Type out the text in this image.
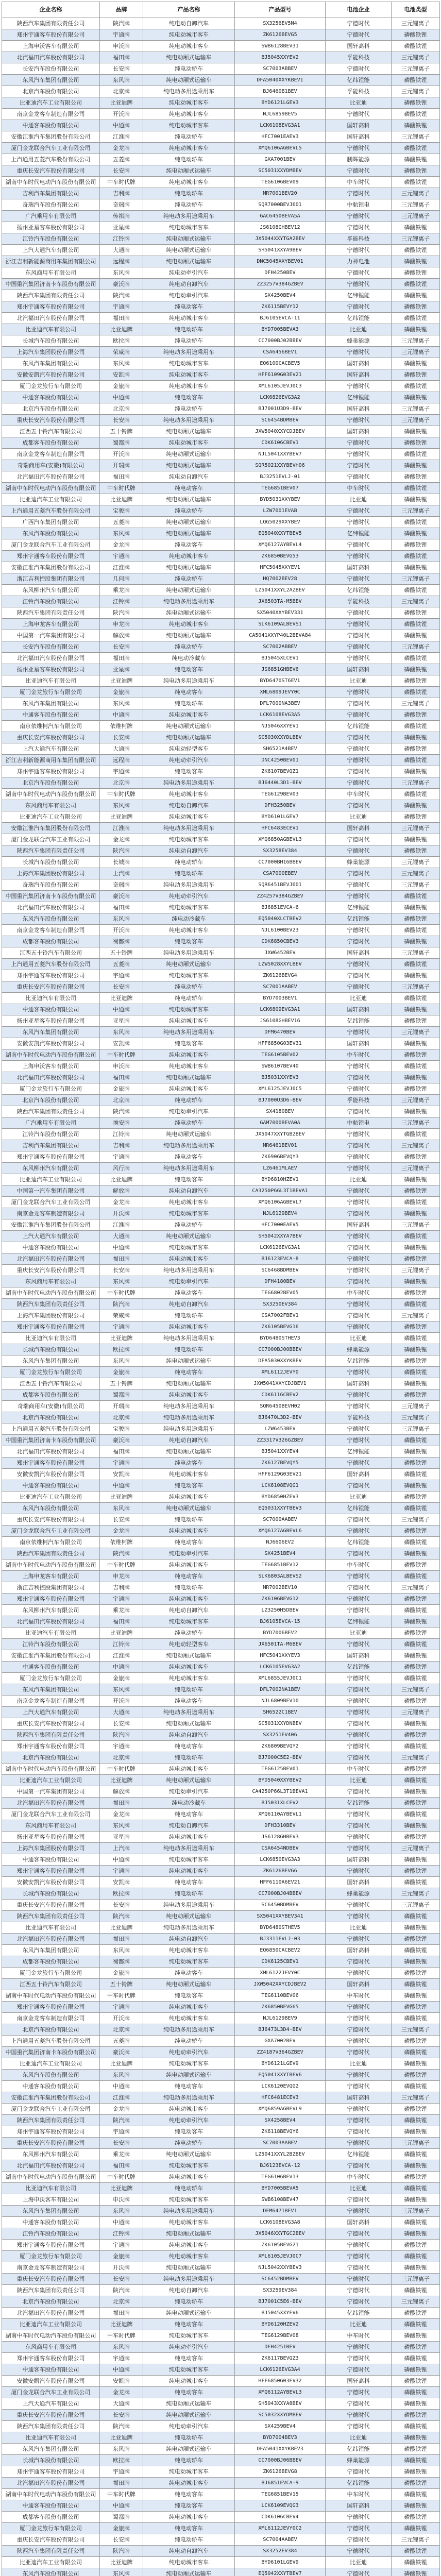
企业名称	品牌	产品名称	产品型号	电池企业	电池类型
陕西汽车集团有限责任公司	陕汽牌	纯电动自卸汽车	SX3256EV5N4	宁德时代	三元锂离子
郑州宇通客车股份有限公司	宇通牌	纯电动城市客车	ZK6126BEVG5	宁德时代	磷酸铁锂
上海申沃客车有限公司	申沃牌	纯电动城市客车	SWB6128BEV31	国轩高科	磷酸铁锂
北汽福田汽车股份有限公司	福田牌	纯电动厢式运输车	BJ5045XXYEV2	孚能科技	三元锂离子
长安汽车股份有限公司	长安牌	纯电动轿车	SC7003ABBEV	宁德时代	三元锂离子
东风汽车集团有限公司	东风牌	纯电动厢式运输车	DFA5040XXYKBEV1	亿纬锂能	磷酸铁锂
北京汽车股份有限公司	北京牌	纯电动多用途乘用车	BJ6460B1BEV	孚能科技	三元锂离子
比亚迪汽车工业有限公司	比亚迪牌	纯电动城市客车	BYD6121LGEV3	比亚迪	磷酸铁锂
南京金龙客车制造有限公司	开沃牌	纯电动城市客车	NJL6859BEV5	宁德时代	磷酸铁锂
中通客车股份有限公司	中通牌	纯电动城市客车	LCK6108EVG3A1	国轩高科	磷酸铁锂
安徽江淮汽车集团股份有限公司	江淮牌	纯电动轿车	HFC7001EAEV3	国轩高科	三元锂离子
厦门金龙联合汽车工业有限公司	金龙牌	纯电动城市客车	XMQ6106AGBEVL5	宁德时代	磷酸铁锂
上汽通用五菱汽车股份有限公司	五菱牌	纯电动轿车	GXA7001BEV	鹏辉能源	磷酸铁锂
重庆长安汽车股份有限公司	长安牌	纯电动厢式运输车	SC5031XXYDMBEV	宁德时代	磷酸铁锂
湖南中车时代电动汽车股份有限公司	中车时代牌	纯电动城市客车	TEG6106BEV09	中车时代	磷酸铁锂
吉利汽车集团有限公司	吉利牌	纯电动轿车	MR7001BEV20	宁德时代	三元锂离子
奇瑞汽车股份有限公司	奇瑞牌	纯电动轿车	SQR7000BEVJ601	中航锂电	三元锂离子
广汽乘用车有限公司	传祺牌	纯电动多用途乘用车	GAC6450BEVA5A	宁德时代	三元锂离子
扬州亚星客车股份有限公司	亚星牌	纯电动城市客车	JS6108GHBEV12	宁德时代	磷酸铁锂
江铃汽车股份有限公司	江铃牌	纯电动厢式运输车	JX5044XXYTGA2BEV	孚能科技	三元锂离子
上汽大通汽车有限公司	大通牌	纯电动厢式运输车	SH5041XXYA9BEV	宁德时代	磷酸铁锂
浙江吉利新能源商用车集团有限公司	远程牌	纯电动厢式运输车	DNC5045XXYBEV01	力神电池	磷酸铁锂
东风商用车有限公司	东风牌	纯电动牵引汽车	DFH4250BEV	宁德时代	磷酸铁锂
中国重汽集团济南卡车股份有限公司	豪沃牌	纯电动自卸汽车	ZZ3257V384GZBEV	宁德时代	磷酸铁锂
陕西汽车集团有限责任公司	陕汽牌	纯电动牵引汽车	SX4250BEV4	亿纬锂能	磷酸铁锂
郑州宇通客车股份有限公司	宇通牌	纯电动客车	ZK6115BEVY12	宁德时代	磷酸铁锂
北汽福田汽车股份有限公司	福田牌	纯电动城市客车	BJ6105EVCA-11	亿纬锂能	磷酸铁锂
比亚迪汽车有限公司	比亚迪牌	纯电动轿车	BYD7005BEVA3	比亚迪	磷酸铁锂
长城汽车股份有限公司	欧拉牌	纯电动轿车	CC7000BJ02BBEV	蜂巢能源	三元锂离子
上海汽车集团股份有限公司	荣威牌	纯电动多用途乘用车	CSA6456BEV1	宁德时代	三元锂离子
东风汽车集团有限公司	东风牌	纯电动城市客车	EQ6100CACBEV5	国轩高科	磷酸铁锂
安徽安凯汽车股份有限公司	安凯牌	纯电动城市客车	HFF6109G03EV21	国轩高科	磷酸铁锂
厦门金龙旅行车有限公司	金旅牌	纯电动城市客车	XML6105JEVJ0C3	宁德时代	磷酸铁锂
中通客车股份有限公司	中通牌	纯电动客车	LCK6826EVG3A2	亿纬锂能	磷酸铁锂
北京汽车股份有限公司	北京牌	纯电动轿车	BJ7001U3D9-BEV	国轩高科	三元锂离子
重庆长安汽车股份有限公司	长安牌	纯电动多用途乘用车	SC6454BDMBEV	宁德时代	三元锂离子
江西五十铃汽车有限公司	五十铃牌	纯电动厢式运输车	JXW5040XXYCDJBEV	国轩高科	磷酸铁锂
成都客车股份有限公司	蜀都牌	纯电动城市客车	CDK6106CBEV1	宁德时代	磷酸铁锂
南京金龙客车制造有限公司	开沃牌	纯电动厢式运输车	NJL5041XXYBEV7	宁德时代	磷酸铁锂
奇瑞商用车(安徽)有限公司	开瑞牌	纯电动厢式运输车	SQR5021XXYBEVH06	宁德时代	磷酸铁锂
北汽福田汽车股份有限公司	福田牌	纯电动自卸汽车	BJ3251EVLJ-01	宁德时代	磷酸铁锂
湖南中车时代电动汽车股份有限公司	中车时代牌	纯电动客车	TEG6851BEV07	中车时代	磷酸铁锂
比亚迪汽车工业有限公司	比亚迪牌	纯电动厢式运输车	BYD5031XXYBEV	比亚迪	磷酸铁锂
上汽通用五菱汽车股份有限公司	宝骏牌	纯电动轿车	LZW7001EVAB	宁德时代	三元锂离子
广西汽车集团有限公司	五菱牌	纯电动厢式运输车	LQG5029XXYBEV	宁德时代	磷酸铁锂
东风汽车股份有限公司	东风牌	纯电动厢式运输车	EQ5040XXYTBEV5	亿纬锂能	磷酸铁锂
厦门金龙联合汽车工业有限公司	金龙牌	纯电动客车	XMQ6127AYBEVL4	宁德时代	磷酸铁锂
郑州宇通客车股份有限公司	宇通牌	纯电动城市客车	ZK6850BEVG53	宁德时代	磷酸铁锂
安徽江淮汽车集团股份有限公司	江淮牌	纯电动厢式运输车	HFC5045XXYEV1	国轩高科	磷酸铁锂
浙江吉利控股集团有限公司	几何牌	纯电动轿车	HQ7002BEV28	宁德时代	三元锂离子
东风柳州汽车有限公司	乘龙牌	纯电动厢式运输车	LZ5041XXYL2AZBEV	亿纬锂能	磷酸铁锂
江铃汽车股份有限公司	江铃牌	纯电动多用途乘用车	JX6503TA-M5BEV	孚能科技	三元锂离子
陕西汽车集团有限责任公司	陕汽牌	纯电动厢式运输车	SX5040XXYBEV331	宁德时代	磷酸铁锂
上海申龙客车有限公司	申龙牌	纯电动城市客车	SLK6109ALBEVS1	宁德时代	磷酸铁锂
中国第一汽车集团有限公司	解放牌	纯电动厢式运输车	CA5041XXYP40L2BEVA84	宁德时代	磷酸铁锂
长安汽车股份有限公司	长安牌	纯电动轿车	SC7002ABBEV	宁德时代	三元锂离子
北汽福田汽车股份有限公司	福田牌	纯电动冷藏车	BJ5045XLCEV1	宁德时代	磷酸铁锂
扬州亚星客车股份有限公司	亚星牌	纯电动客车	JS6851GHBEV6	国轩高科	磷酸铁锂
比亚迪汽车有限公司	比亚迪牌	纯电动多用途乘用车	BYD6470ST6EV1	比亚迪	磷酸铁锂
厦门金龙旅行车有限公司	金旅牌	纯电动客车	XML6809JEVY0C	宁德时代	磷酸铁锂
东风汽车集团有限公司	东风牌	纯电动轿车	DFL7000NA3BEV	宁德时代	三元锂离子
中通客车股份有限公司	中通牌	纯电动城市客车	LCK6108EVG3A5	宁德时代	磷酸铁锂
南京依维柯汽车有限公司	依维柯牌	纯电动厢式运输车	NJ5046XXYEV1	亿纬锂能	磷酸铁锂
重庆长安汽车股份有限公司	长安牌	纯电动厢式运输车	SC5030XXYDLBEV	宁德时代	磷酸铁锂
上汽大通汽车有限公司	大通牌	纯电动轻型客车	SH6521A4BEV	宁德时代	磷酸铁锂
浙江吉利新能源商用车集团有限公司	远程牌	纯电动牵引汽车	DNC4250BEV01	宁德时代	磷酸铁锂
郑州宇通客车股份有限公司	宇通牌	纯电动客车	ZK6107BEVQZ1	宁德时代	磷酸铁锂
北京汽车股份有限公司	北京牌	纯电动多用途乘用车	BJ6440L3D1-BEV	宁德时代	三元锂离子
湖南中车时代电动汽车股份有限公司	中车时代牌	纯电动城市客车	TEG6129BEV03	中车时代	磷酸铁锂
东风商用车有限公司	东风牌	纯电动自卸汽车	DFH3250BEV	宁德时代	磷酸铁锂
比亚迪汽车工业有限公司	比亚迪牌	纯电动城市客车	BYD6101LGEV7	比亚迪	磷酸铁锂
安徽江淮汽车集团股份有限公司	江淮牌	纯电动多用途乘用车	HFC6483ECEV1	国轩高科	三元锂离子
厦门金龙联合汽车工业有限公司	金龙牌	纯电动城市客车	XMQ6850AGBEVL3	宁德时代	磷酸铁锂
陕西汽车集团有限责任公司	陕汽牌	纯电动自卸汽车	SX3258EV384	宁德时代	磷酸铁锂
长城汽车股份有限公司	长城牌	纯电动轿车	CC7000BH16BBEV	蜂巢能源	三元锂离子
上海汽车集团股份有限公司	上汽牌	纯电动轿车	CSA7000EBEV	宁德时代	三元锂离子
奇瑞汽车股份有限公司	奇瑞牌	纯电动多用途乘用车	SQR6451BEVJ001	宁德时代	三元锂离子
中国重汽集团济南卡车股份有限公司	豪沃牌	纯电动牵引汽车	ZZ4257V384GZBEV	宁德时代	磷酸铁锂
北汽福田汽车股份有限公司	福田牌	纯电动城市客车	BJ6851EVCA-6	亿纬锂能	磷酸铁锂
东风汽车股份有限公司	东风牌	纯电动冷藏车	EQ5040XLCTBEV2	亿纬锂能	磷酸铁锂
南京金龙客车制造有限公司	开沃牌	纯电动城市客车	NJL6100BEV23	宁德时代	磷酸铁锂
成都客车股份有限公司	蜀都牌	纯电动客车	CDK6850CBEV3	宁德时代	磷酸铁锂
江西五十铃汽车有限公司	五十铃牌	纯电动多用途乘用车	JXW6452BEV	国轩高科	三元锂离子
上汽通用五菱汽车股份有限公司	五菱牌	纯电动厢式运输车	LZW5028XXYLBEV	宁德时代	磷酸铁锂
郑州宇通客车股份有限公司	宇通牌	纯电动城市客车	ZK6126BEVG4	宁德时代	磷酸铁锂
重庆长安汽车股份有限公司	长安牌	纯电动轿车	SC7001AABEV	宁德时代	三元锂离子
比亚迪汽车有限公司	比亚迪牌	纯电动轿车	BYD7003BEV1	比亚迪	磷酸铁锂
中通客车股份有限公司	中通牌	纯电动城市客车	LCK6809EVG3A1	国轩高科	磷酸铁锂
扬州亚星客车股份有限公司	亚星牌	纯电动城市客车	JS6108GHBEV16	亿纬锂能	磷酸铁锂
东风汽车集团有限公司	东风牌	纯电动多用途乘用车	DFM6470BEV	宁德时代	三元锂离子
安徽安凯汽车股份有限公司	安凯牌	纯电动客车	HFF6850G03EV31	国轩高科	磷酸铁锂
湖南中车时代电动汽车股份有限公司	中车时代牌	纯电动城市客车	TEG6105BEV02	中车时代	磷酸铁锂
上海申沃客车有限公司	申沃牌	纯电动城市客车	SWB6107BEV40	宁德时代	磷酸铁锂
北汽福田汽车股份有限公司	福田牌	纯电动厢式运输车	BJ5031XXYEV3	宁德时代	磷酸铁锂
厦门金龙旅行车有限公司	金旅牌	纯电动城市客车	XML6125JEVJ0C5	宁德时代	磷酸铁锂
北京汽车股份有限公司	北京牌	纯电动轿车	BJ7000U3D6-BEV	孚能科技	三元锂离子
陕西汽车集团有限责任公司	陕汽牌	纯电动牵引汽车	SX4180BEV	宁德时代	磷酸铁锂
广汽乘用车有限公司	埃安牌	纯电动轿车	GAM7000BEVA0A	中航锂电	三元锂离子
江铃汽车股份有限公司	江铃牌	纯电动厢式运输车	JX5047XXYTGB2BEV	宁德时代	磷酸铁锂
吉利汽车集团有限公司	吉利牌	纯电动多用途乘用车	MR6461BEV01	宁德时代	三元锂离子
郑州宇通客车股份有限公司	宇通牌	纯电动客车	ZK6906BEVQY3	宁德时代	磷酸铁锂
东风柳州汽车有限公司	风行牌	纯电动多用途乘用车	LZ6461MLAEV	宁德时代	三元锂离子
比亚迪汽车工业有限公司	比亚迪牌	纯电动客车	BYD6810HZEV1	比亚迪	磷酸铁锂
中国第一汽车集团有限公司	解放牌	纯电动自卸汽车	CA3250P66L3T1BEVA1	宁德时代	磷酸铁锂
厦门金龙联合汽车工业有限公司	金龙牌	纯电动城市客车	XMQ6106AGBEVL7	宁德时代	磷酸铁锂
南京金龙客车制造有限公司	开沃牌	纯电动城市客车	NJL6129BEV4	宁德时代	磷酸铁锂
安徽江淮汽车集团股份有限公司	江淮牌	纯电动轿车	HFC7000EAEV5	国轩高科	三元锂离子
上汽大通汽车有限公司	大通牌	纯电动厢式运输车	SH5042XXYA7BEV	宁德时代	磷酸铁锂
中通客车股份有限公司	中通牌	纯电动城市客车	LCK6126EVG3A1	宁德时代	磷酸铁锂
北汽福田汽车股份有限公司	福田牌	纯电动城市客车	BJ6123EVCA-8	宁德时代	磷酸铁锂
重庆长安汽车股份有限公司	长安牌	纯电动多用途乘用车	SC6468BDMBEV	宁德时代	三元锂离子
东风商用车有限公司	东风牌	纯电动牵引汽车	DFH4180BEV	宁德时代	磷酸铁锂
湖南中车时代电动汽车股份有限公司	中车时代牌	纯电动客车	TEG6802BEV05	中车时代	磷酸铁锂
陕西汽车集团有限责任公司	陕汽牌	纯电动自卸汽车	SX3250EV384	宁德时代	磷酸铁锂
上海汽车集团股份有限公司	荣威牌	纯电动轿车	CSA7002FBEV1	宁德时代	三元锂离子
郑州宇通客车股份有限公司	宇通牌	纯电动城市客车	ZK6105BEVG16	宁德时代	磷酸铁锂
比亚迪汽车有限公司	比亚迪牌	纯电动多用途乘用车	BYD6480STHEV3	比亚迪	磷酸铁锂
长城汽车股份有限公司	欧拉牌	纯电动轿车	CC7000BJ00BBEV	蜂巢能源	磷酸铁锂
东风汽车集团有限公司	东风牌	纯电动厢式运输车	DFA5030XXYKBEV	亿纬锂能	磷酸铁锂
厦门金龙旅行车有限公司	金旅牌	纯电动客车	XML6112JEVY0	宁德时代	磷酸铁锂
江西五十铃汽车有限公司	五十铃牌	纯电动厢式运输车	JXW5041XXYCDJBEV1	国轩高科	磷酸铁锂
成都客车股份有限公司	蜀都牌	纯电动城市客车	CDK6116CBEV2	宁德时代	磷酸铁锂
奇瑞商用车(安徽)有限公司	开瑞牌	纯电动多用途乘用车	SQR6450BEVH02	宁德时代	三元锂离子
北京汽车股份有限公司	北京牌	纯电动多用途乘用车	BJ6470L3D2-BEV	孚能科技	三元锂离子
上汽通用五菱汽车股份有限公司	宝骏牌	纯电动多用途乘用车	LZW6453BEV	宁德时代	三元锂离子
中国重汽集团济南卡车股份有限公司	豪沃牌	纯电动自卸汽车	ZZ3317V326GZBEV	宁德时代	磷酸铁锂
北汽福田汽车股份有限公司	福田牌	纯电动厢式运输车	BJ5041XXYEV4	亿纬锂能	磷酸铁锂
郑州宇通客车股份有限公司	宇通牌	纯电动客车	ZK6127BEVQY5	宁德时代	磷酸铁锂
安徽安凯汽车股份有限公司	安凯牌	纯电动城市客车	HFF6129G03EV21	国轩高科	磷酸铁锂
中通客车股份有限公司	中通牌	纯电动客车	LCK6108EVQG1	宁德时代	磷酸铁锂
比亚迪汽车工业有限公司	比亚迪牌	纯电动城市客车	BYD6850HZEV3	比亚迪	磷酸铁锂
东风汽车股份有限公司	东风牌	纯电动厢式运输车	EQ5031XXYTBEV3	亿纬锂能	磷酸铁锂
重庆长安汽车股份有限公司	长安牌	纯电动轿车	SC7000AABEV	宁德时代	三元锂离子
厦门金龙联合汽车工业有限公司	金龙牌	纯电动城市客车	XMQ6127AGBEVL6	宁德时代	磷酸铁锂
南京依维柯汽车有限公司	依维柯牌	纯电动客车	NJ6606EV2	亿纬锂能	磷酸铁锂
陕西汽车集团有限责任公司	陕汽牌	纯电动牵引汽车	SX4251BEV4	宁德时代	磷酸铁锂
湖南中车时代电动汽车股份有限公司	中车时代牌	纯电动城市客车	TEG6851BEV12	中车时代	磷酸铁锂
上海申龙客车有限公司	申龙牌	纯电动客车	SLK6803ALBEVS2	宁德时代	磷酸铁锂
浙江吉利控股集团有限公司	吉利牌	纯电动轿车	MR7002BEV10	宁德时代	三元锂离子
郑州宇通客车股份有限公司	宇通牌	纯电动城市客车	ZK6106BEVG12	宁德时代	磷酸铁锂
东风柳州汽车有限公司	乘龙牌	纯电动自卸汽车	LZ3250H5DBEV	宁德时代	磷酸铁锂
北汽福田汽车股份有限公司	福田牌	纯电动城市客车	BJ6105EVCA-15	亿纬锂能	磷酸铁锂
比亚迪汽车有限公司	比亚迪牌	纯电动轿车	BYD7006BEV2	比亚迪	磷酸铁锂
江铃汽车股份有限公司	江铃牌	纯电动轻型客车	JX6501TA-M6BEV	宁德时代	磷酸铁锂
安徽江淮汽车集团股份有限公司	江淮牌	纯电动厢式运输车	HFC5041XXYEV3	国轩高科	磷酸铁锂
中通客车股份有限公司	中通牌	纯电动城市客车	LCK6105EVG3A2	亿纬锂能	磷酸铁锂
厦门金龙旅行车有限公司	金旅牌	纯电动城市客车	XML6855JEVJ0C1	宁德时代	磷酸铁锂
东风汽车集团有限公司	东风牌	纯电动轿车	DFL7002NA1BEV	宁德时代	三元锂离子
南京金龙客车制造有限公司	开沃牌	纯电动客车	NJL6809BEV10	宁德时代	磷酸铁锂
上汽大通汽车有限公司	大通牌	纯电动多用途乘用车	SH6522C1BEV	宁德时代	三元锂离子
重庆长安汽车股份有限公司	长安牌	纯电动厢式运输车	SC5031XXYDNBEV	宁德时代	磷酸铁锂
陕西汽车集团有限责任公司	陕汽牌	纯电动自卸汽车	SX3251EV406	宁德时代	磷酸铁锂
郑州宇通客车股份有限公司	宇通牌	纯电动客车	ZK6809BEVQY2	宁德时代	磷酸铁锂
北京汽车股份有限公司	北京牌	纯电动轿车	BJ7000C5E2-BEV	宁德时代	三元锂离子
湖南中车时代电动汽车股份有限公司	中车时代牌	纯电动城市客车	TEG6125BEV01	中车时代	磷酸铁锂
比亚迪汽车工业有限公司	比亚迪牌	纯电动厢式运输车	BYD5040XXYBEV2	比亚迪	磷酸铁锂
中国第一汽车集团有限公司	解放牌	纯电动牵引汽车	CA4250P66L3T1BEVA1	宁德时代	磷酸铁锂
北汽福田汽车股份有限公司	福田牌	纯电动冷藏车	BJ5031XLCEV2	亿纬锂能	磷酸铁锂
厦门金龙联合汽车工业有限公司	金龙牌	纯电动客车	XMQ6110AYBEVL1	宁德时代	磷酸铁锂
东风商用车有限公司	东风牌	纯电动自卸汽车	DFH3310BEV	宁德时代	磷酸铁锂
扬州亚星客车股份有限公司	亚星牌	纯电动城市客车	JS6128GHBEV3	宁德时代	磷酸铁锂
上海汽车集团股份有限公司	上汽牌	纯电动多用途乘用车	CSA6454NDBEV	宁德时代	三元锂离子
中通客车股份有限公司	中通牌	纯电动城市客车	LCK6850EVG3A3	国轩高科	磷酸铁锂
郑州宇通客车股份有限公司	宇通牌	纯电动城市客车	ZK6126BEVG6	宁德时代	磷酸铁锂
安徽安凯汽车股份有限公司	安凯牌	纯电动客车	HFF6110A6EV21	国轩高科	磷酸铁锂
长城汽车股份有限公司	欧拉牌	纯电动轿车	CC7000BJ04BBEV	蜂巢能源	三元锂离子
重庆长安汽车股份有限公司	长安牌	纯电动多用途乘用车	SC6450BDMBEV	宁德时代	三元锂离子
陕西汽车集团有限责任公司	陕汽牌	纯电动厢式运输车	SX5041XXYBEV341	宁德时代	磷酸铁锂
比亚迪汽车有限公司	比亚迪牌	纯电动多用途乘用车	BYD6480STHEV5	比亚迪	磷酸铁锂
北汽福田汽车股份有限公司	福田牌	纯电动自卸汽车	BJ3311EVLJ-03	宁德时代	磷酸铁锂
东风汽车集团有限公司	东风牌	纯电动城市客车	EQ6850CACBEV2	国轩高科	磷酸铁锂
成都客车股份有限公司	蜀都牌	纯电动城市客车	CDK6125CBEV1	宁德时代	磷酸铁锂
厦门金龙旅行车有限公司	金旅牌	纯电动客车	XML6122JEVY0C	宁德时代	磷酸铁锂
江西五十铃汽车有限公司	五十铃牌	纯电动厢式运输车	JXW5042XXYCDJBEV2	国轩高科	磷酸铁锂
湖南中车时代电动汽车股份有限公司	中车时代牌	纯电动客车	TEG6110BEV06	中车时代	磷酸铁锂
郑州宇通客车股份有限公司	宇通牌	纯电动城市客车	ZK6850BEVG65	宁德时代	磷酸铁锂
南京金龙客车制造有限公司	开沃牌	纯电动城市客车	NJL6129BEV9	宁德时代	磷酸铁锂
北京汽车股份有限公司	北京牌	纯电动多用途乘用车	BJ6473L3D4-BEV	宁德时代	三元锂离子
上汽通用五菱汽车股份有限公司	五菱牌	纯电动轿车	GXA7002BEV	宁德时代	磷酸铁锂
中国重汽集团济南卡车股份有限公司	豪沃牌	纯电动牵引汽车	ZZ4187V364GZBEV	宁德时代	磷酸铁锂
比亚迪汽车工业有限公司	比亚迪牌	纯电动城市客车	BYD6121LGEV9	比亚迪	磷酸铁锂
东风汽车股份有限公司	东风牌	纯电动厢式运输车	EQ5041XXYTBEV6	宁德时代	磷酸铁锂
中通客车股份有限公司	中通牌	纯电动客车	LCK6120EVQG2	宁德时代	磷酸铁锂
安徽江淮汽车集团股份有限公司	江淮牌	纯电动多用途乘用车	HFC6481ECEV3	国轩高科	三元锂离子
厦门金龙联合汽车工业有限公司	金龙牌	纯电动城市客车	XMQ6859AGBEVL9	宁德时代	磷酸铁锂
陕西汽车集团有限责任公司	陕汽牌	纯电动牵引汽车	SX4258BEV4	宁德时代	磷酸铁锂
郑州宇通客车股份有限公司	宇通牌	纯电动客车	ZK6118BEVQY6	宁德时代	磷酸铁锂
重庆长安汽车股份有限公司	长安牌	纯电动轿车	SC7003AABEV	宁德时代	三元锂离子
东风柳州汽车有限公司	乘龙牌	纯电动厢式运输车	LZ5041XXYL2BZBEV	亿纬锂能	磷酸铁锂
北汽福田汽车股份有限公司	福田牌	纯电动城市客车	BJ6123EVCA-12	宁德时代	磷酸铁锂
湖南中车时代电动汽车股份有限公司	中车时代牌	纯电动城市客车	TEG6106BEV13	中车时代	磷酸铁锂
比亚迪汽车有限公司	比亚迪牌	纯电动轿车	BYD7005BEVA5	比亚迪	磷酸铁锂
上海申沃客车有限公司	申沃牌	纯电动城市客车	SWB6108BEV47	宁德时代	磷酸铁锂
东风汽车集团有限公司	东风牌	纯电动多用途乘用车	DFM6471BEV1	宁德时代	三元锂离子
中通客车股份有限公司	中通牌	纯电动城市客车	LCK6108EVG3A8	国轩高科	磷酸铁锂
江铃汽车股份有限公司	江铃牌	纯电动厢式运输车	JX5046XXYTGC2BEV	宁德时代	磷酸铁锂
郑州宇通客车股份有限公司	宇通牌	纯电动城市客车	ZK6105BEVG21	宁德时代	磷酸铁锂
厦门金龙旅行车有限公司	金旅牌	纯电动城市客车	XML6105JEVJ0C7	宁德时代	磷酸铁锂
南京金龙客车制造有限公司	开沃牌	纯电动厢式运输车	NJL5042XXYBEV3	宁德时代	磷酸铁锂
重庆长安汽车股份有限公司	长安牌	纯电动多用途乘用车	SC6452BDMBEV	宁德时代	三元锂离子
陕西汽车集团有限责任公司	陕汽牌	纯电动自卸汽车	SX3259EV384	宁德时代	磷酸铁锂
北京汽车股份有限公司	北京牌	纯电动轿车	BJ7001C5E6-BEV	宁德时代	三元锂离子
北汽福田汽车股份有限公司	福田牌	纯电动厢式运输车	BJ5045XXYEV6	亿纬锂能	磷酸铁锂
比亚迪汽车工业有限公司	比亚迪牌	纯电动客车	BYD6120HZEV2	比亚迪	磷酸铁锂
湖南中车时代电动汽车股份有限公司	中车时代牌	纯电动城市客车	TEG6129BEV08	中车时代	磷酸铁锂
东风商用车有限公司	东风牌	纯电动牵引汽车	DFH4251BEV	宁德时代	磷酸铁锂
郑州宇通客车股份有限公司	宇通牌	纯电动客车	ZK6117BEVQZ3	宁德时代	磷酸铁锂
中通客车股份有限公司	中通牌	纯电动城市客车	LCK6126EVG3A4	宁德时代	磷酸铁锂
安徽安凯汽车股份有限公司	安凯牌	纯电动城市客车	HFF6850G03EV32	国轩高科	磷酸铁锂
厦门金龙联合汽车工业有限公司	金龙牌	纯电动客车	XMQ6112AYBEVL3	宁德时代	磷酸铁锂
上汽大通汽车有限公司	大通牌	纯电动厢式运输车	SH5043XXYA8BEV	宁德时代	磷酸铁锂
重庆长安汽车股份有限公司	长安牌	纯电动厢式运输车	SC5032XXYDMBEV	宁德时代	磷酸铁锂
陕西汽车集团有限责任公司	陕汽牌	纯电动牵引汽车	SX4259BEV4	宁德时代	磷酸铁锂
比亚迪汽车有限公司	比亚迪牌	纯电动轿车	BYD7004BEV3	比亚迪	磷酸铁锂
东风汽车集团有限公司	东风牌	纯电动厢式运输车	DFA5041XXYKBEV3	亿纬锂能	磷酸铁锂
长城汽车股份有限公司	欧拉牌	纯电动轿车	CC7000BJ06BBEV	蜂巢能源	磷酸铁锂
郑州宇通客车股份有限公司	宇通牌	纯电动城市客车	ZK6126BEVG8	宁德时代	磷酸铁锂
北汽福田汽车股份有限公司	福田牌	纯电动城市客车	BJ6851EVCA-9	亿纬锂能	磷酸铁锂
湖南中车时代电动汽车股份有限公司	中车时代牌	纯电动客车	TEG6851BEV15	中车时代	磷酸铁锂
中通客车股份有限公司	中通牌	纯电动客车	LCK6109EVQG3	国轩高科	磷酸铁锂
成都客车股份有限公司	蜀都牌	纯电动城市客车	CDK6106CBEV4	宁德时代	磷酸铁锂
厦门金龙旅行车有限公司	金旅牌	纯电动客车	XML6112JEVY0C2	宁德时代	磷酸铁锂
重庆长安汽车股份有限公司	长安牌	纯电动轿车	SC7004AABEV	宁德时代	三元锂离子
陕西汽车集团有限责任公司	陕汽牌	纯电动自卸汽车	SX3252EV384	宁德时代	磷酸铁锂
比亚迪汽车工业有限公司	比亚迪牌	纯电动城市客车	BYD6101LGEV9	比亚迪	磷酸铁锂
东风汽车股份有限公司	东风牌	纯电动厢式运输车	EQ5042XXYTBEV7	宁德时代	磷酸铁锂
